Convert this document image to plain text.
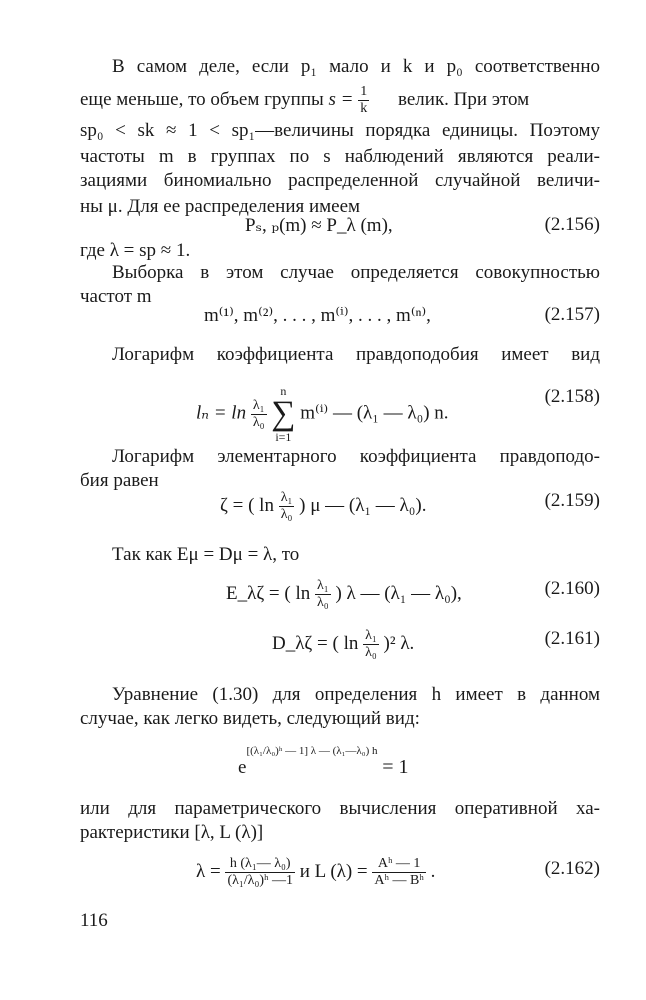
В самом деле, если p₁ мало и k и p₀ соответственно
еще меньше, то объем группы $s = \frac{1}{k}$ велик. При этом
sp₀ < sk ≈ 1 < sp₁—величины порядка единицы. Поэтому
частоты m в группах по s наблюдений являются реали-
зациями биномиально распределенной случайной величи-
ны μ. Для ее распределения имеем
Pₛ, ₚ(m) ≈ P_λ (m),	(2.156)
где λ = sp ≈ 1.
Выборка в этом случае определяется совокупностью
частот m
m⁽¹⁾, m⁽²⁾, . . . , m⁽ⁱ⁾, . . . , m⁽ⁿ⁾,	(2.157)
Логарифм коэффициента правдоподобия имеет вид
$l_n = \ln \frac{\text{λ₁}}{\text{λ₀}}$
n
∑
i=1 m⁽ⁱ⁾ — (λ₁ — λ₀) n.
(2.158)
Логарифм элементарного коэффициента правдоподо-
бия равен
ζ = ( $\ln \frac{\text{λ₁}}{\text{λ₀}}$ ) μ — (λ₁ — λ₀).	(2.159)
Так как Eμ = Dμ = λ, то
E_λζ = ( $\ln \frac{\text{λ₁}}{\text{λ₀}}$ ) λ — (λ₁ — λ₀),	(2.160)
D_λζ = ( $\ln \frac{\text{λ₁}}{\text{λ₀}} )^2$ λ.	(2.161)
Уравнение (1.30) для определения h имеет в данном
случае, как легко видеть, следующий вид:
$e^{[(\lambda_1/\lambda_0)ʰ — 1] \lambda — (\lambda_1—\lambda_0) h} = 1$
или для параметрического вычисления оперативной ха-
рактеристики [λ, L (λ)]
$\lambda = \frac{\text{h (λ₁— λ₀)}}{\text{(λ₁/λ₀)ʰ —1}}$ и L $(\lambda) = \frac{\text{Aʰ — 1}}{\text{Aʰ — Bʰ}}$ .	(2.162)
116
